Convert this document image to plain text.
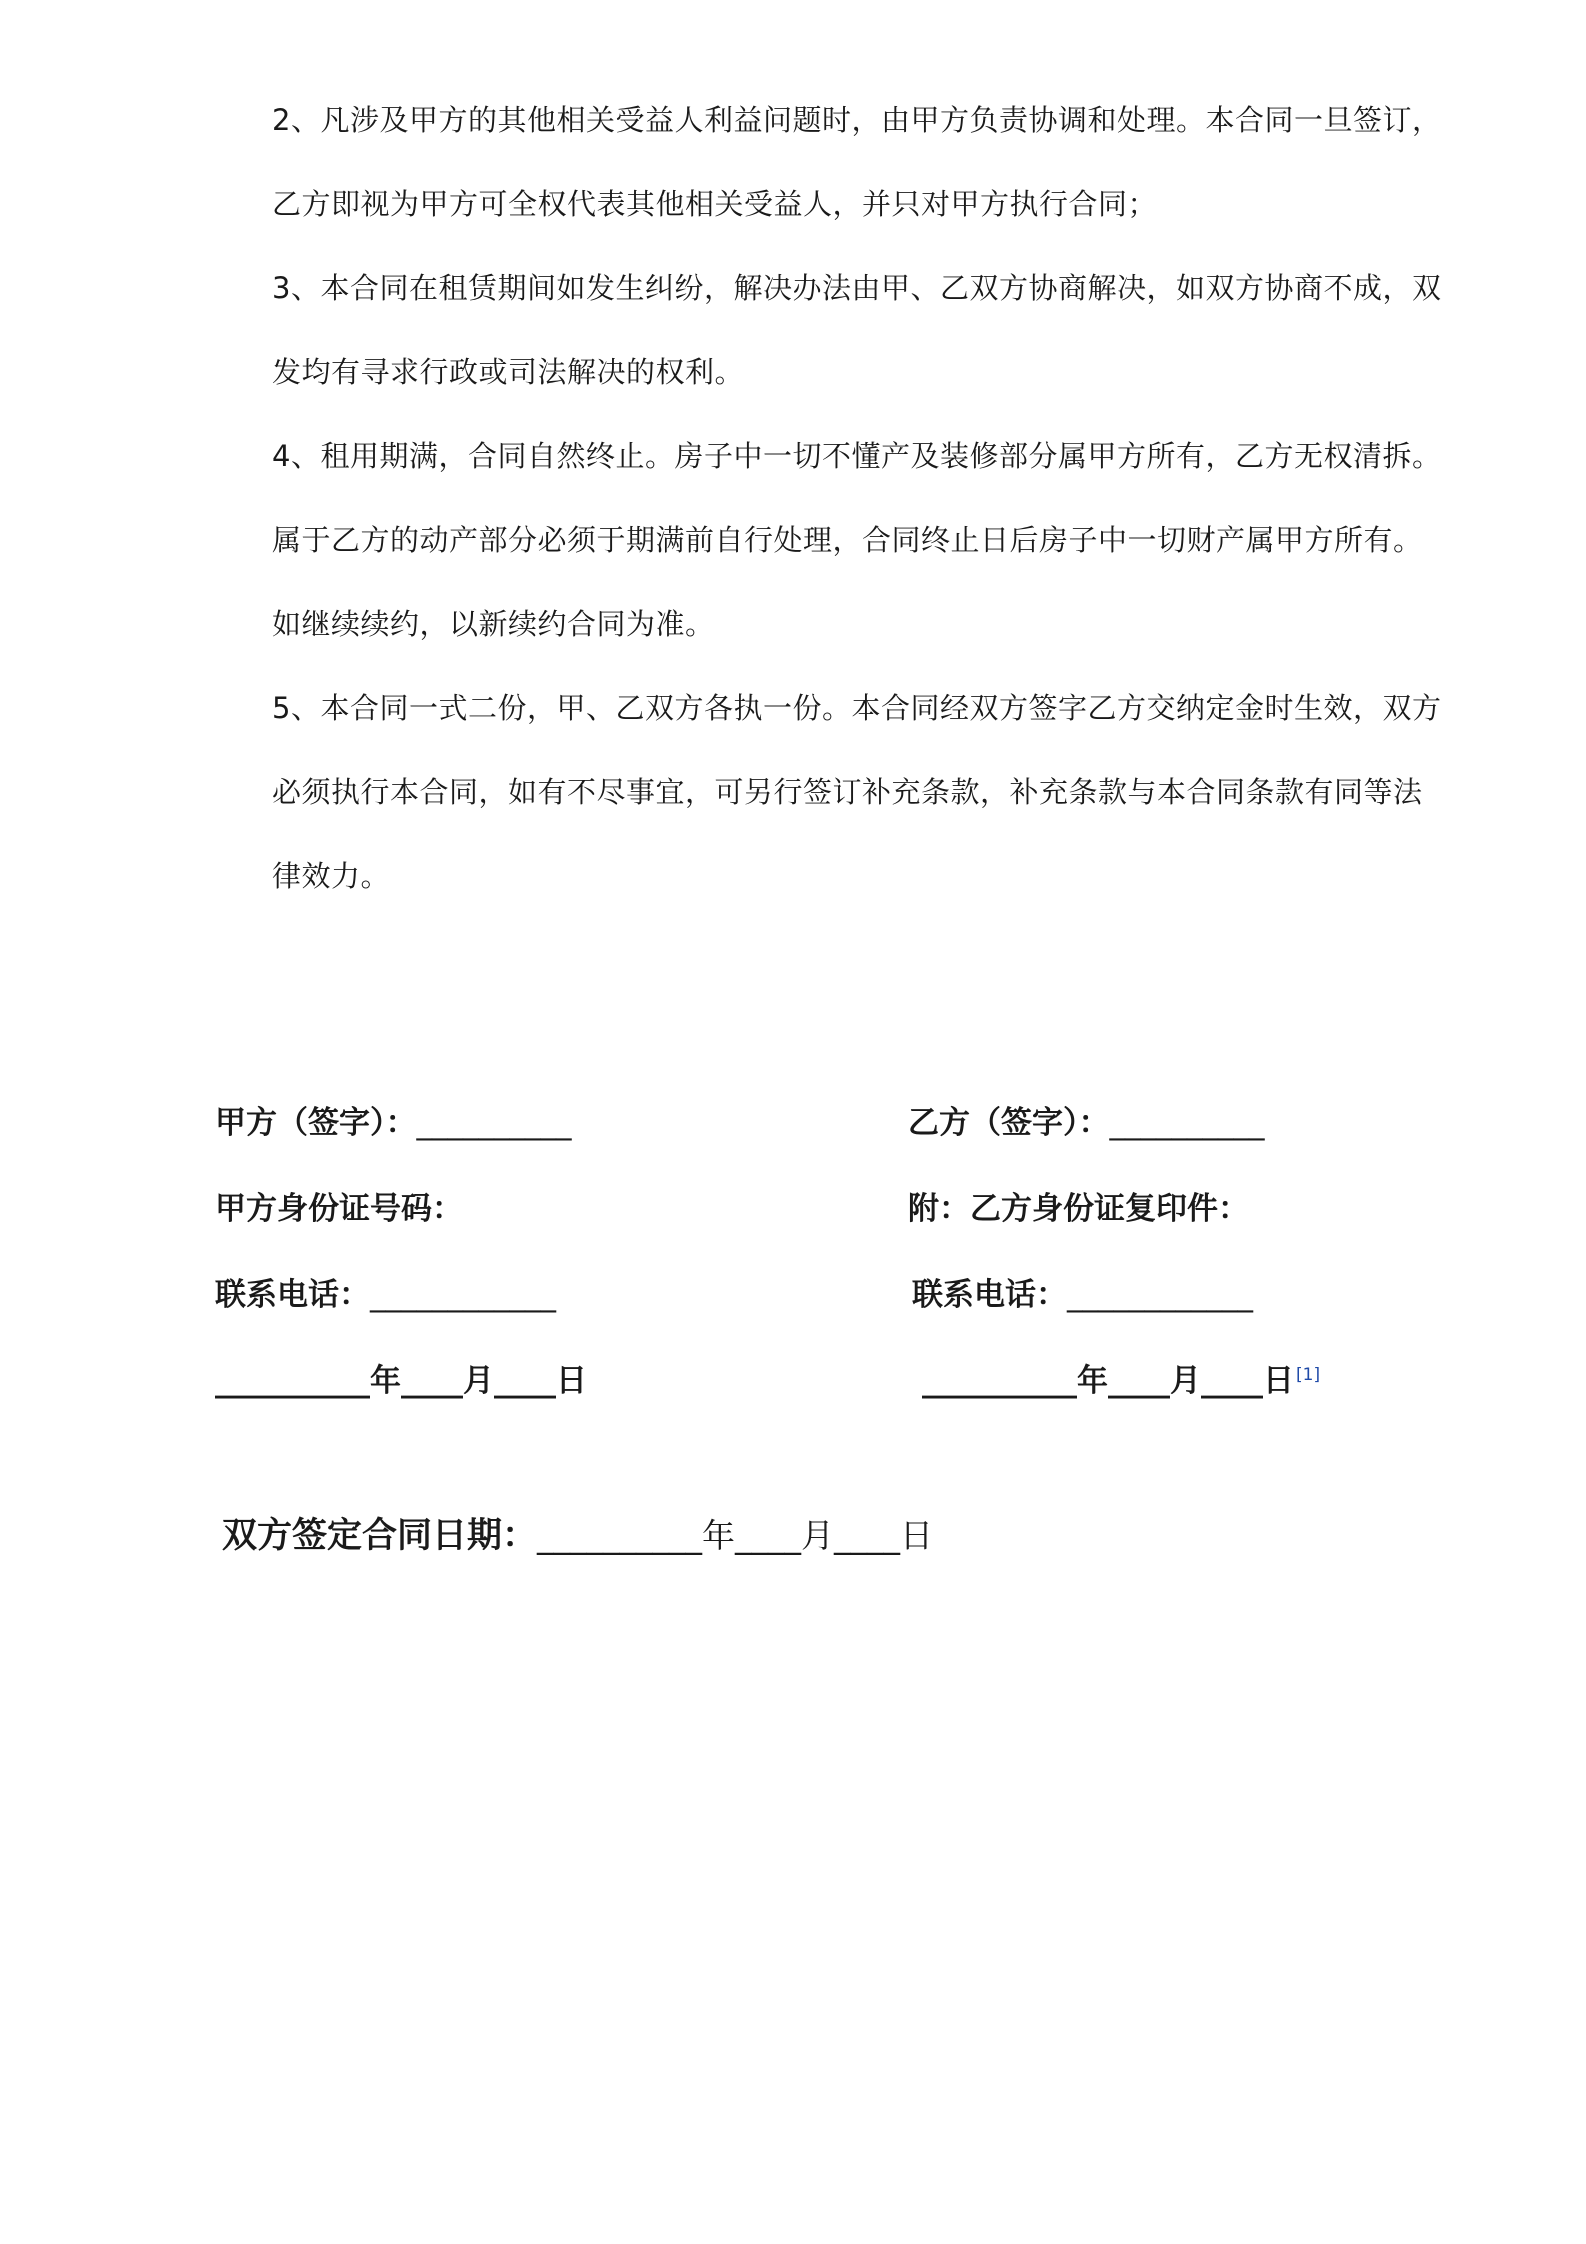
2、凡涉及甲方的其他相关受益人利益问题时，由甲方负责协调和处理。本合同一旦签订，乙方即视为甲方可全权代表其他相关受益人，并只对甲方执行合同；

3、本合同在租赁期间如发生纠纷，解决办法由甲、乙双方协商解决，如双方协商不成，双发均有寻求行政或司法解决的权利。

4、租用期满，合同自然终止。房子中一切不懂产及装修部分属甲方所有，乙方无权清拆。属于乙方的动产部分必须于期满前自行处理，合同终止日后房子中一切财产属甲方所有。如继续续约，以新续约合同为准。

5、本合同一式二份，甲、乙双方各执一份。本合同经双方签字乙方交纳定金时生效，双方必须执行本合同，如有不尽事宜，可另行签订补充条款，补充条款与本合同条款有同等法律效力。

甲方（签字）：__________

甲方身份证号码：

联系电话：____________

__________年____月____日

乙方（签字）：__________

附：乙方身份证复印件：

联系电话：____________

__________年____月____日 [1]

双方签定合同日期：__________年____月____日
